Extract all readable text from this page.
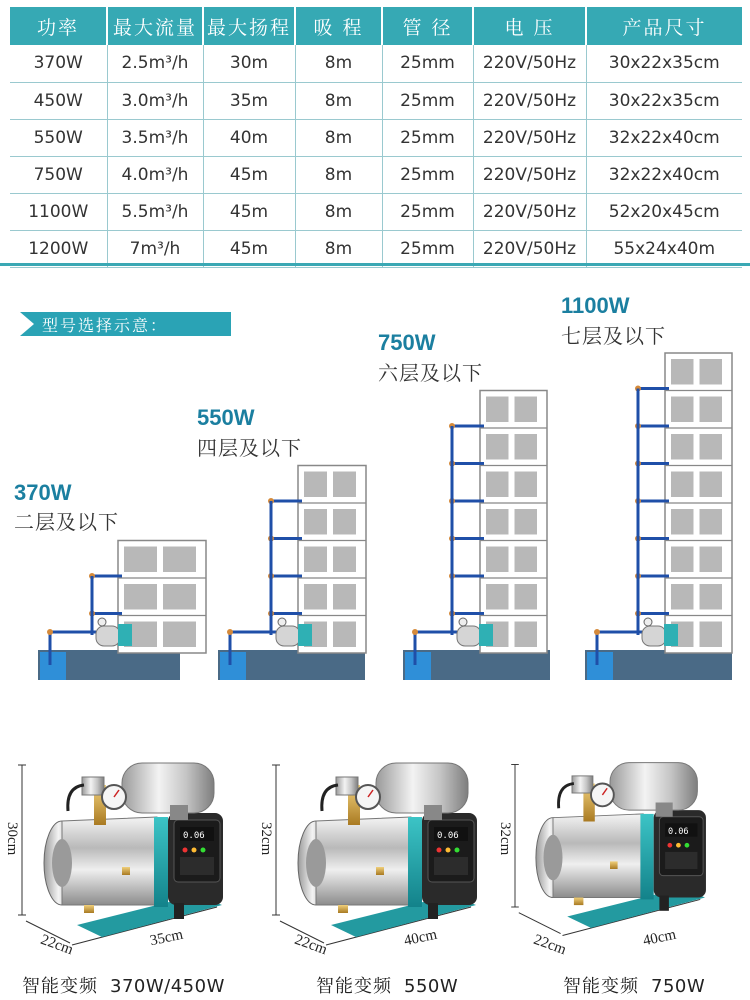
功率	最大流量	最大扬程	吸 程	管 径	电 压	产品尺寸
370W	2.5m³/h	30m	8m	25mm	220V/50Hz	30x22x35cm
450W	3.0m³/h	35m	8m	25mm	220V/50Hz	30x22x35cm
550W	3.5m³/h	40m	8m	25mm	220V/50Hz	32x22x40cm
750W	4.0m³/h	45m	8m	25mm	220V/50Hz	32x22x40cm
1100W	5.5m³/h	45m	8m	25mm	220V/50Hz	52x20x45cm
1200W	7m³/h	45m	8m	25mm	220V/50Hz	55x24x40m
型号选择示意：
370W
二层及以下
550W
四层及以下
750W
六层及以下
1100W
七层及以下
0.06	0.06	0.06
30cm
22cm	35cm
32cm
22cm	40cm
32cm
22cm	40cm
智能变频 370W/450W	智能变频 550W	智能变频 750W
